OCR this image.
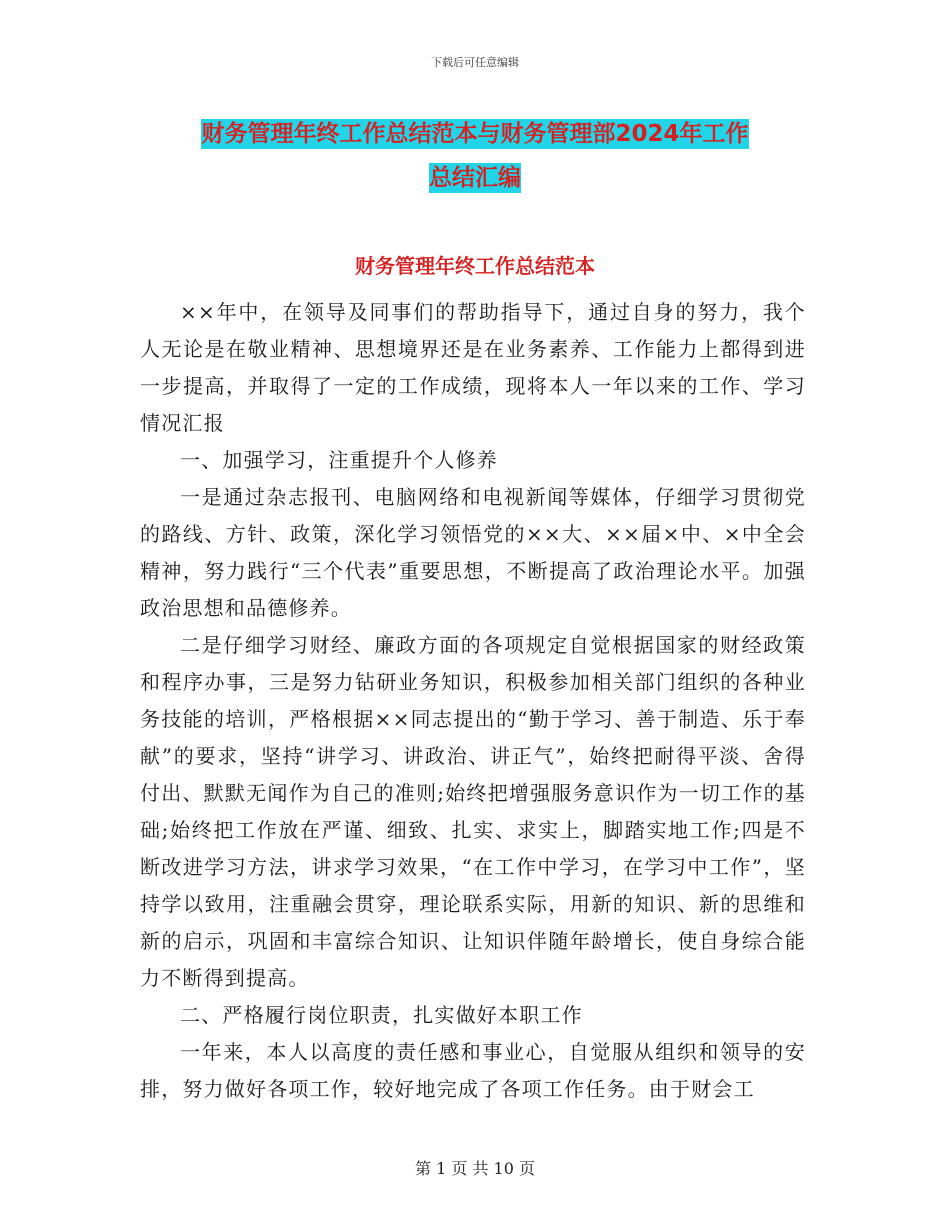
下载后可任意编辑
财务管理年终工作总结范本与财务管理部2024年工作
总结汇编
财务管理年终工作总结范本

××年中，在领导及同事们的帮助指导下，通过自身的努力，我个人无论是在敬业精神、思想境界还是在业务素养、工作能力上都得到进一步提高，并取得了一定的工作成绩，现将本人一年以来的工作、学习情况汇报

一、加强学习，注重提升个人修养

一是通过杂志报刊、电脑网络和电视新闻等媒体，仔细学习贯彻党的路线、方针、政策，深化学习领悟党的××大、××届×中、×中全会精神，努力践行“三个代表”重要思想，不断提高了政治理论水平。加强政治思想和品德修养。

二是仔细学习财经、廉政方面的各项规定自觉根据国家的财经政策和程序办事，三是努力钻研业务知识，积极参加相关部门组织的各种业务技能的培训，严格根据××同志提出的“勤于学习、善于制造、乐于奉献”的要求，坚持“讲学习、讲政治、讲正气”，始终把耐得平淡、舍得付出、默默无闻作为自己的准则;始终把增强服务意识作为一切工作的基础;始终把工作放在严谨、细致、扎实、求实上，脚踏实地工作;四是不断改进学习方法，讲求学习效果，“在工作中学习，在学习中工作”，坚持学以致用，注重融会贯穿，理论联系实际，用新的知识、新的思维和新的启示，巩固和丰富综合知识、让知识伴随年龄增长，使自身综合能力不断得到提高。

二、严格履行岗位职责，扎实做好本职工作

一年来，本人以高度的责任感和事业心，自觉服从组织和领导的安排，努力做好各项工作，较好地完成了各项工作任务。由于财会工

第 1 页 共 10 页
